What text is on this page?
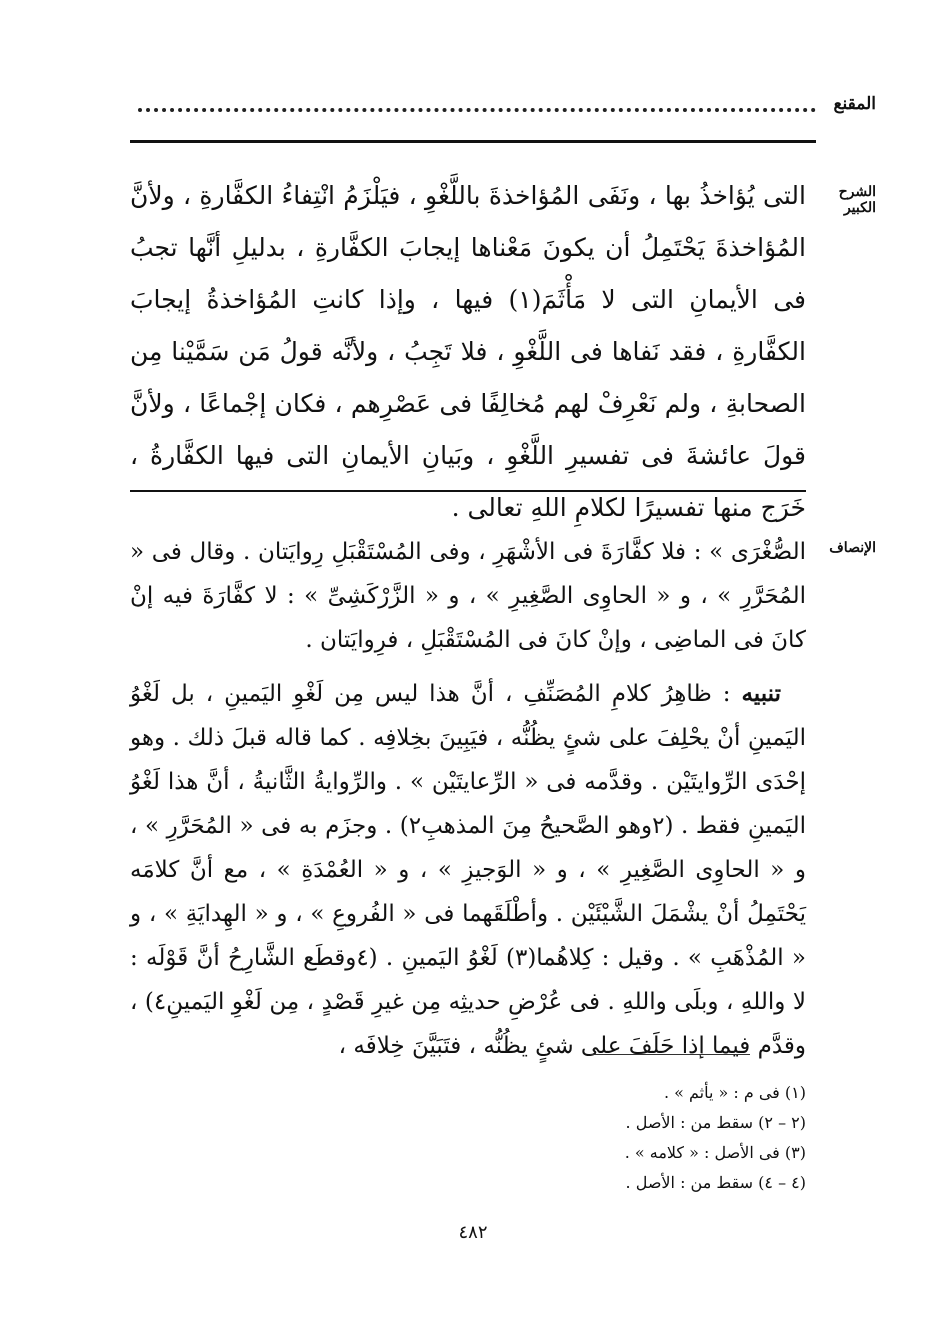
المقنع
الشرح الكبير
التى يُؤاخذُ بها ، ونَفَى المُؤاخذةَ باللَّغْوِ ، فيَلْزَمُ انْتِفاءُ الكفَّارةِ ، ولأنَّ المُؤاخذةَ يَحْتَمِلُ أن يكونَ مَعْناها إيجابَ الكفَّارةِ ، بدليلِ أنَّها تجبُ فى الأيمانِ التى لا مَأْثَمَ(١) فيها ، وإذا كانتِ المُؤاخذةُ إيجابَ الكفَّارةِ ، فقد نَفاها فى اللَّغْوِ ، فلا تَجِبُ ، ولأنَّه قولُ مَن سَمَّيْنا مِن الصحابةِ ، ولم نَعْرِفْ لهم مُخالِفًا فى عَصْرِهم ، فكان إجْماعًا ، ولأنَّ قولَ عائشةَ فى تفسيرِ اللَّغْوِ ، وبَيانِ الأيمانِ التى فيها الكفَّارةُ ، خَرَج منها تفسيرًا لكلامِ اللهِ تعالى .
الإنصاف

الصُّغْرَى » : فلا كفَّارَةَ فى الأشْهَرِ ، وفى المُسْتَقْبَلِ رِوايَتان . وقال فى « المُحَرَّرِ » ، و « الحاوِى الصَّغِيرِ » ، و « الزَّرْكَشِىِّ » : لا كفَّارَةَ فيه إنْ كانَ فى الماضِى ، وإنْ كانَ فى المُسْتَقْبَلِ ، فرِوايَتان .

تنبيه : ظاهِرُ كلامِ المُصَنِّفِ ، أنَّ هذا ليس مِن لَغْوِ اليَمينِ ، بل لَغْوُ اليَمينِ أنْ يحْلِفَ على شئٍ يظُنُّه ، فيَبِينَ بخِلافِه . كما قاله قبلَ ذلك . وهو إحْدَى الرِّوايتَيْن . وقدَّمه فى « الرِّعايتَيْن » . والرِّوايةُ الثَّانيةُ ، أنَّ هذا لَغْوُ اليَمينِ فقط . (٢وهو الصَّحيحُ مِنَ المذهبِ٢) . وجزَم به فى « المُحَرَّرِ » ، و « الحاوِى الصَّغِيرِ » ، و « الوَجيزِ » ، و « العُمْدَةِ » ، مع أنَّ كلامَه يَحْتَمِلُ أنْ يشْمَلَ الشَّيْئَيْن . وأطْلَقَهما فى « الفُروعِ » ، و « الهِدايَةِ » ، و « المُذْهَبِ » . وقيل : كِلاهُما(٣) لَغْوُ اليَمينِ . (٤وقطَع الشَّارِحُ أنَّ قَوْلَه : لا واللهِ ، وبلَى واللهِ . فى عُرْضِ حديثِه مِن غيرِ قَصْدٍ ، مِن لَغْوِ اليَمينِ٤) ، وقدَّم فيما إذا حَلَفَ على شئٍ يظُنُّه ، فتَبَيَّنَ خِلافَه ،

(١) فى م : « يأثم » .
(٢ – ٢) سقط من : الأصل .
(٣) فى الأصل : « كلامه » .
(٤ – ٤) سقط من : الأصل .
٤٨٢
